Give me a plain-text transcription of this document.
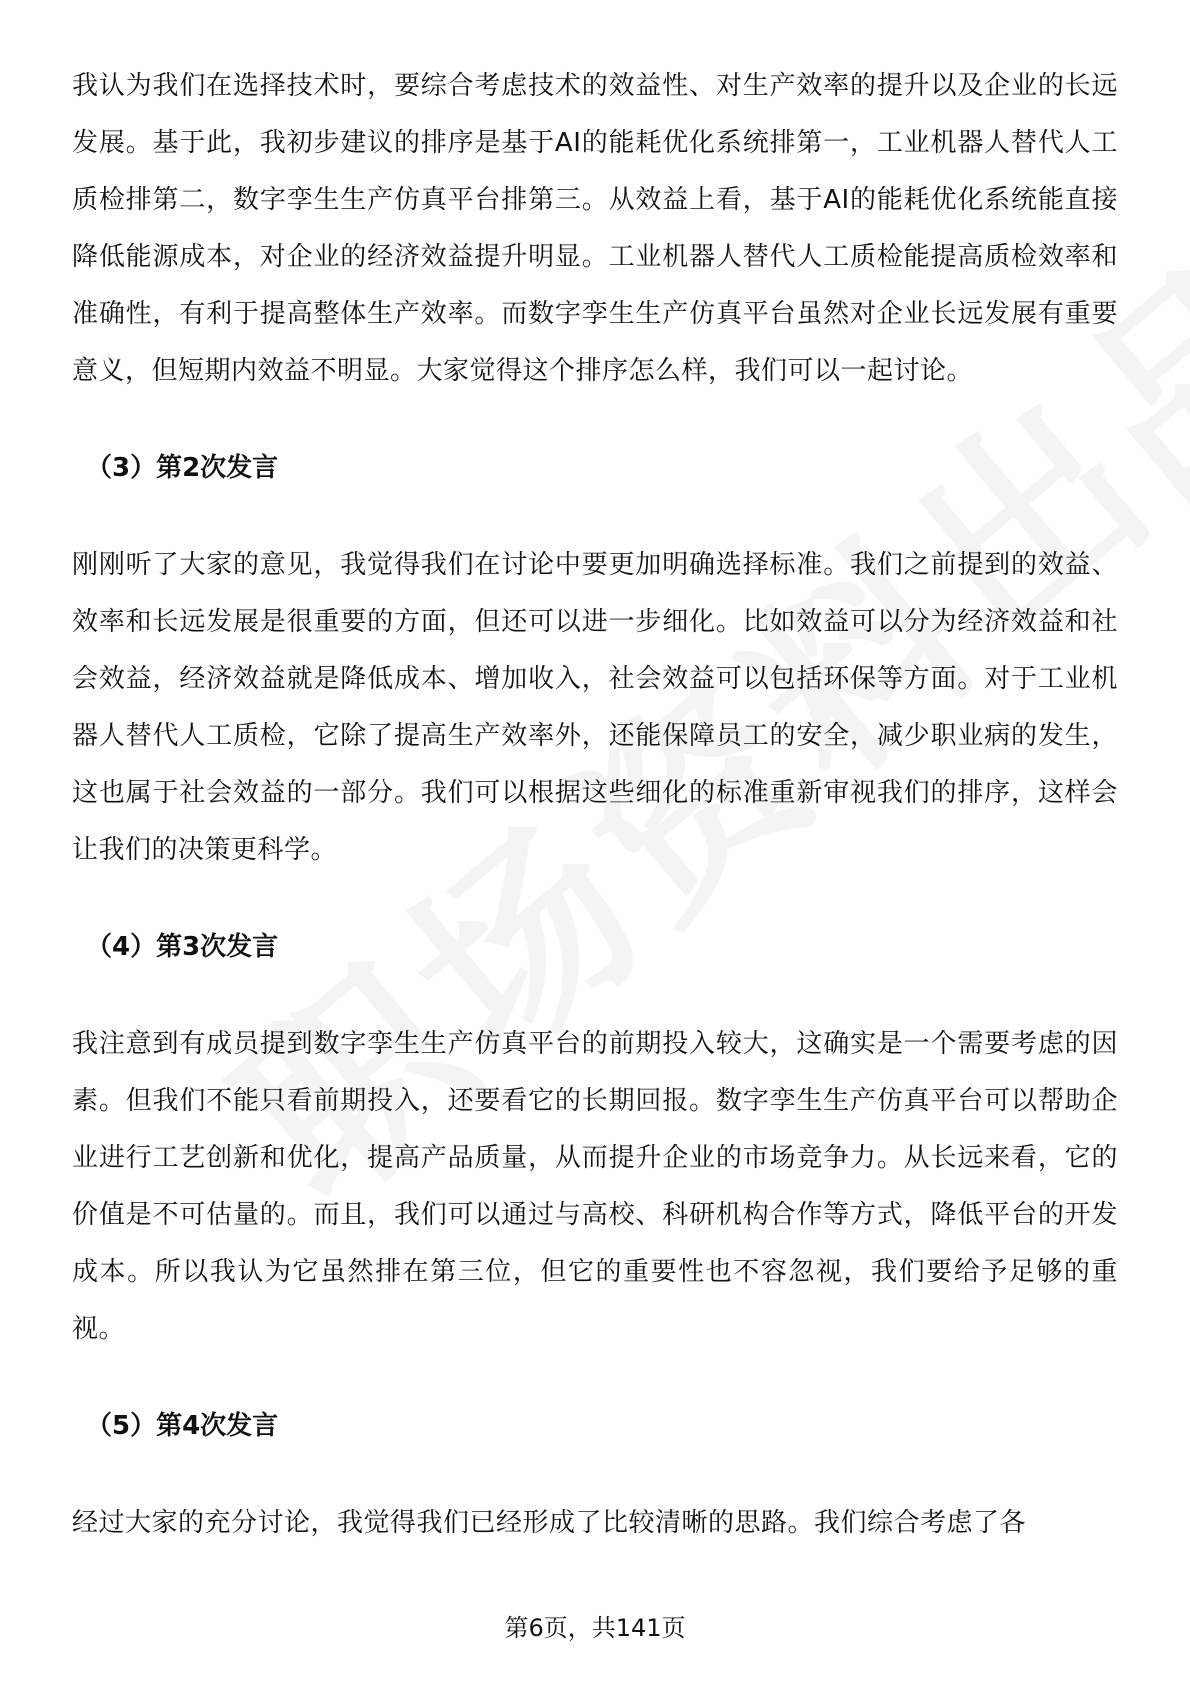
我认为我们在选择技术时，要综合考虑技术的效益性、对生产效率的提升以及企业的长远发展。基于此，我初步建议的排序是基于AI的能耗优化系统排第一，工业机器人替代人工质检排第二，数字孪生生产仿真平台排第三。从效益上看，基于AI的能耗优化系统能直接降低能源成本，对企业的经济效益提升明显。工业机器人替代人工质检能提高质检效率和准确性，有利于提高整体生产效率。而数字孪生生产仿真平台虽然对企业长远发展有重要意义，但短期内效益不明显。大家觉得这个排序怎么样，我们可以一起讨论。

（3）第2次发言

刚刚听了大家的意见，我觉得我们在讨论中要更加明确选择标准。我们之前提到的效益、效率和长远发展是很重要的方面，但还可以进一步细化。比如效益可以分为经济效益和社会效益，经济效益就是降低成本、增加收入，社会效益可以包括环保等方面。对于工业机器人替代人工质检，它除了提高生产效率外，还能保障员工的安全，减少职业病的发生，这也属于社会效益的一部分。我们可以根据这些细化的标准重新审视我们的排序，这样会让我们的决策更科学。

（4）第3次发言

我注意到有成员提到数字孪生生产仿真平台的前期投入较大，这确实是一个需要考虑的因素。但我们不能只看前期投入，还要看它的长期回报。数字孪生生产仿真平台可以帮助企业进行工艺创新和优化，提高产品质量，从而提升企业的市场竞争力。从长远来看，它的价值是不可估量的。而且，我们可以通过与高校、科研机构合作等方式，降低平台的开发成本。所以我认为它虽然排在第三位，但它的重要性也不容忽视，我们要给予足够的重视。

（5）第4次发言

经过大家的充分讨论，我觉得我们已经形成了比较清晰的思路。我们综合考虑了各

第6页，共141页
